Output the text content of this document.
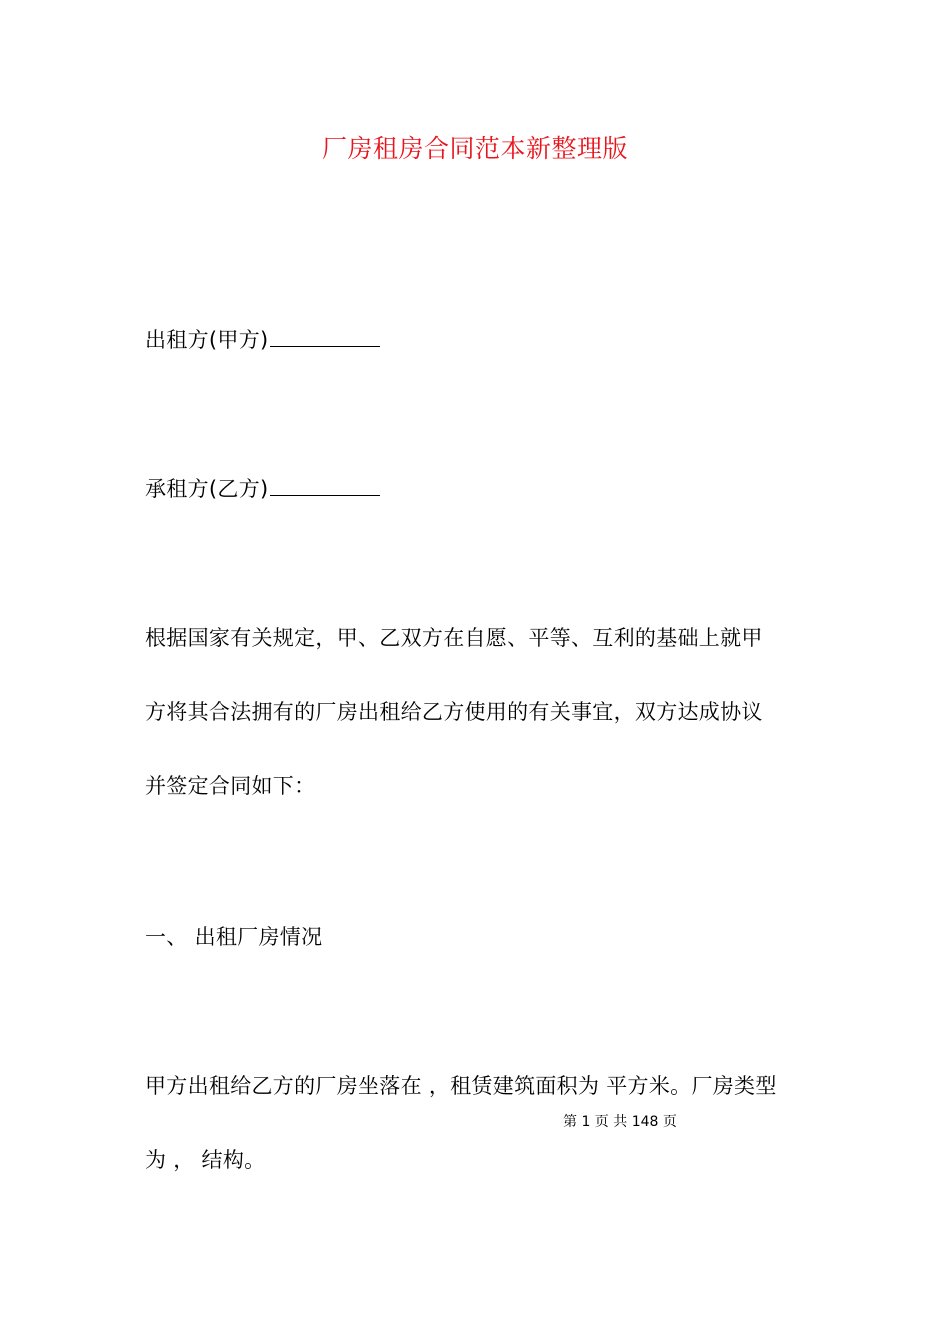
厂房租房合同范本新整理版
出租方(甲方)
承租方(乙方)
根据国家有关规定，甲、乙双方在自愿、平等、互利的基础上就甲
方将其合法拥有的厂房出租给乙方使用的有关事宜，双方达成协议
并签定合同如下：
一、 出租厂房情况
甲方出租给乙方的厂房坐落在 ，租赁建筑面积为 平方米。厂房类型
第 1 页 共 148 页
为 ， 结构。
